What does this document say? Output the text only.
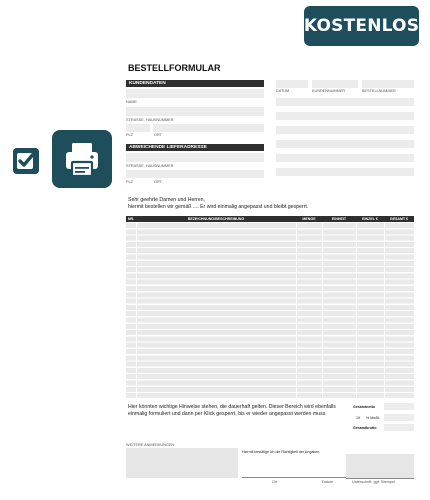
KOSTENLOS
BESTELLFORMULAR
KUNDENDATEN
NAME
STRASSE, HAUSNUMMER
PLZ	ORT
ABWEICHENDE LIEFERADRESSE
STRASSE, HAUSNUMMER
PLZ	ORT
DATUM	KUNDENNUMMER	BESTELLNUMMER
Sehr geehrte Damen und Herren,
hiermit bestellen wir gemäß .... Er wird einmalig angepasst und bleibt gesperrt.
NR.	BEZEICHNUNG/BESCHREIBUNG	MENGE	EINHEIT	EINZEL €	GESAMT €
Hier könnten wichtige Hinweise stehen, die dauerhaft gelten. Dieser Bereich wird ebenfalls einmalig formuliert und dann per Klick gesperrt, bis er wieder angepasst werden muss.
Gesamtnetto
19 % MwSt.
Gesamtbrutto
WEITERE ANMERKUNGEN
Hiermit bestätige ich die Richtigkeit der Angaben.
Ort	Datum	Unterschrift, ggf. Stempel
